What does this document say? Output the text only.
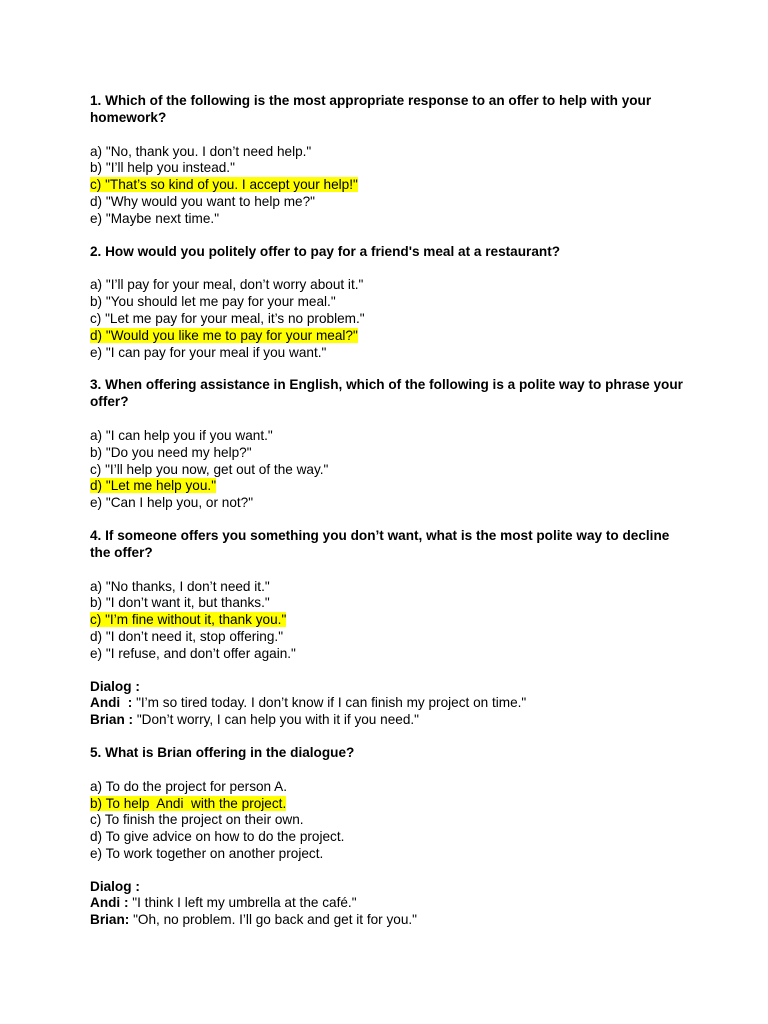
1. Which of the following is the most appropriate response to an offer to help with your homework?
a) "No, thank you. I don’t need help."
b) "I’ll help you instead."
c) "That’s so kind of you. I accept your help!"
d) "Why would you want to help me?"
e) "Maybe next time."
2. How would you politely offer to pay for a friend's meal at a restaurant?
a) "I’ll pay for your meal, don’t worry about it."
b) "You should let me pay for your meal."
c) "Let me pay for your meal, it’s no problem."
d) "Would you like me to pay for your meal?"
e) "I can pay for your meal if you want."
3. When offering assistance in English, which of the following is a polite way to phrase your offer?
a) "I can help you if you want."
b) "Do you need my help?"
c) "I’ll help you now, get out of the way."
d) "Let me help you."
e) "Can I help you, or not?"
4. If someone offers you something you don’t want, what is the most polite way to decline the offer?
a) "No thanks, I don’t need it."
b) "I don’t want it, but thanks."
c) "I’m fine without it, thank you."
d) "I don’t need it, stop offering."
e) "I refuse, and don’t offer again."
Dialog :
Andi  : "I’m so tired today. I don’t know if I can finish my project on time."
Brian : "Don’t worry, I can help you with it if you need."
5. What is Brian offering in the dialogue?
a) To do the project for person A.
b) To help  Andi  with the project.
c) To finish the project on their own.
d) To give advice on how to do the project.
e) To work together on another project.
Dialog :
Andi : "I think I left my umbrella at the café."
Brian: "Oh, no problem. I’ll go back and get it for you."
